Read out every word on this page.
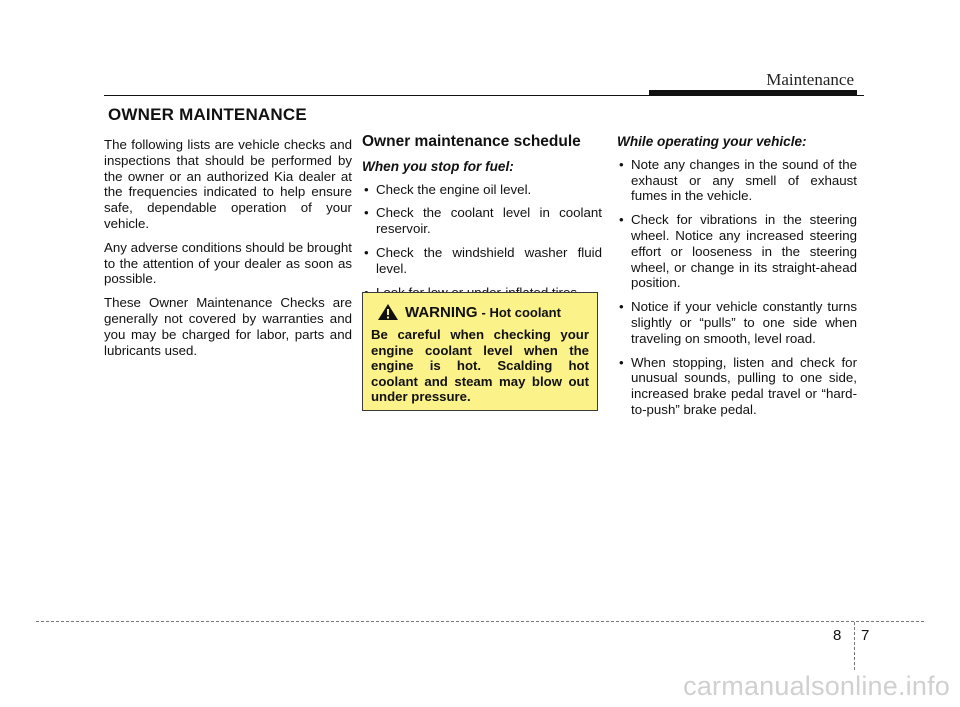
Maintenance
OWNER MAINTENANCE

The following lists are vehicle checks and inspections that should be performed by the owner or an authorized Kia dealer at the frequencies indicated to help ensure safe, dependable operation of your vehicle.

Any adverse conditions should be brought to the attention of your dealer as soon as possible.

These Owner Maintenance Checks are generally not covered by warranties and you may be charged for labor, parts and lubricants used.

Owner maintenance schedule
When you stop for fuel:
• Check the engine oil level.
• Check the coolant level in coolant reservoir.
• Check the windshield washer fluid level.
WARNING - Hot coolant
Be careful when checking your engine coolant level when the engine is hot. Scalding hot coolant and steam may blow out under pressure.
While operating your vehicle:
• Note any changes in the sound of the exhaust or any smell of exhaust fumes in the vehicle.
• Check for vibrations in the steering wheel. Notice any increased steering effort or looseness in the steering wheel, or change in its straight-ahead position.
• Notice if your vehicle constantly turns slightly or “pulls” to one side when traveling on smooth, level road.
• When stopping, listen and check for unusual sounds, pulling to one side, increased brake pedal travel or “hard-to-push” brake pedal.
8 7
carmanualsonline.info
